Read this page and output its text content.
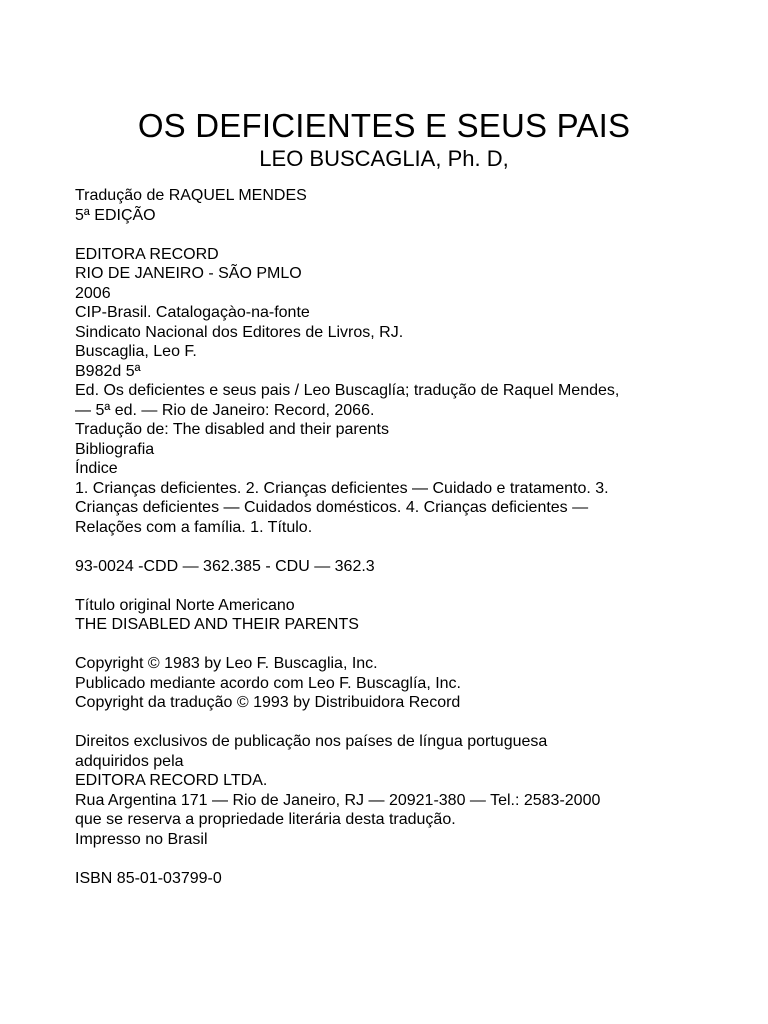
OS DEFICIENTES E SEUS PAIS
LEO BUSCAGLIA, Ph. D,
Tradução de RAQUEL MENDES
5ª EDIÇÃO
EDITORA RECORD
RIO DE JANEIRO - SÃO PMLO
2006
CIP-Brasil. Catalogaçào-na-fonte
Sindicato Nacional dos Editores de Livros, RJ.
Buscaglia, Leo F.
B982d 5ª
Ed. Os deficientes e seus pais / Leo Buscaglía; tradução de Raquel Mendes,
— 5ª ed. — Rio de Janeiro: Record, 2066.
Tradução de: The disabled and their parents
Bibliografia
Índice
1. Crianças deficientes. 2. Crianças deficientes — Cuidado e tratamento. 3.
Crianças deficientes — Cuidados domésticos. 4. Crianças deficientes —
Relações com a família. 1. Título.
93-0024 -CDD — 362.385 - CDU — 362.3
Título original Norte Americano
THE DISABLED AND THEIR PARENTS
Copyright © 1983 by Leo F. Buscaglia, Inc.
Publicado mediante acordo com Leo F. Buscaglía, Inc.
Copyright da tradução © 1993 by Distribuidora Record
Direitos exclusivos de publicação nos países de língua portuguesa
adquiridos pela
EDITORA RECORD LTDA.
Rua Argentina 171 — Rio de Janeiro, RJ — 20921-380 — Tel.: 2583-2000
que se reserva a propriedade literária desta tradução.
Impresso no Brasil
ISBN 85-01-03799-0
